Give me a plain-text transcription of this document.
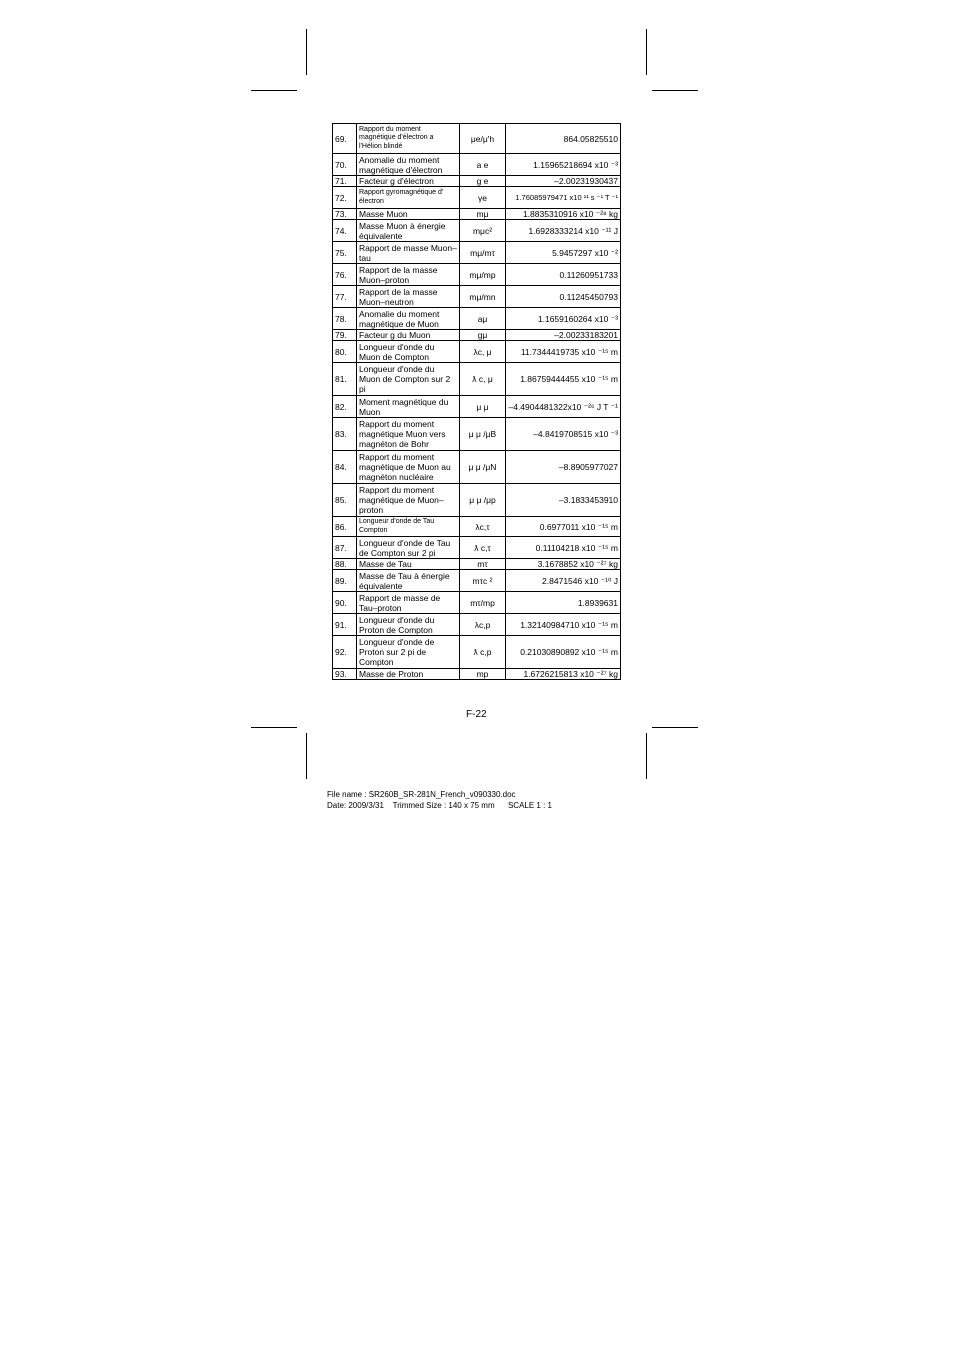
69.	Rapport du moment magnétique d'électron a l'Hélion blindé	μe/μ'h	864.05825510
70.	Anomalie du moment magnétique d'électron	a e	1.15965218694 x10 ⁻³
71.	Facteur g d'électron	g e	–2.00231930437
72.	Rapport gyromagnétique d' électron	γe	1.76085979471 x10 ¹¹ s ⁻¹ T ⁻¹
73.	Masse Muon	mμ	1.8835310916 x10 ⁻²⁸ kg
74.	Masse Muon à énergie équivalente	mμc²	1.6928333214 x10 ⁻¹¹ J
75.	Rapport de masse Muon–tau	mμ/mτ	5.9457297 x10 ⁻²
76.	Rapport de la masse Muon–proton	mμ/mp	0.11260951733
77.	Rapport de la masse Muon–neutron	mμ/mn	0.11245450793
78.	Anomalie du moment magnétique de Muon	aμ	1.1659160264 x10 ⁻³
79.	Facteur g du Muon	gμ	–2.00233183201
80.	Longueur d'onde du Muon de Compton	λc, μ	11.7344419735 x10 ⁻¹⁵ m
81.	Longueur d'onde du Muon de Compton sur 2 pi	ƛ c, μ	1.86759444455 x10 ⁻¹⁵ m
82.	Moment magnétique du Muon	μ μ	–4.4904481322x10 ⁻²⁶ J T ⁻¹
83.	Rapport du moment magnétique Muon vers magnéton de Bohr	μ μ /μB	–4.8419708515 x10 ⁻³
84.	Rapport du moment magnétique de Muon au magnéton nucléaire	μ μ /μN	–8.8905977027
85.	Rapport du moment magnétique de Muon–proton	μ μ /μp	–3.1833453910
86.	Longueur d'onde de Tau Compton	λc,τ	0.6977011 x10 ⁻¹⁵ m
87.	Longueur d'onde de Tau de Compton sur 2 pi	ƛ c,τ	0.11104218 x10 ⁻¹⁵ m
88.	Masse de Tau	mτ	3.1678852 x10 ⁻²⁷ kg
89.	Masse de Tau à énergie équivalente	mτc ²	2.8471546 x10 ⁻¹⁰ J
90.	Rapport de masse de Tau–proton	mτ/mp	1.8939631
91.	Longueur d'onde du Proton de Compton	λc,p	1.32140984710 x10 ⁻¹⁵ m
92.	Longueur d'onde de Proton sur 2 pi de Compton	ƛ c,p	0.21030890892 x10 ⁻¹⁵ m
93.	Masse de Proton	mp	1.6726215813 x10 ⁻²⁷ kg
F-22
File name : SR260B_SR-281N_French_v090330.doc
Date: 2009/3/31    Trimmed Size : 140 x 75 mm      SCALE 1 : 1
